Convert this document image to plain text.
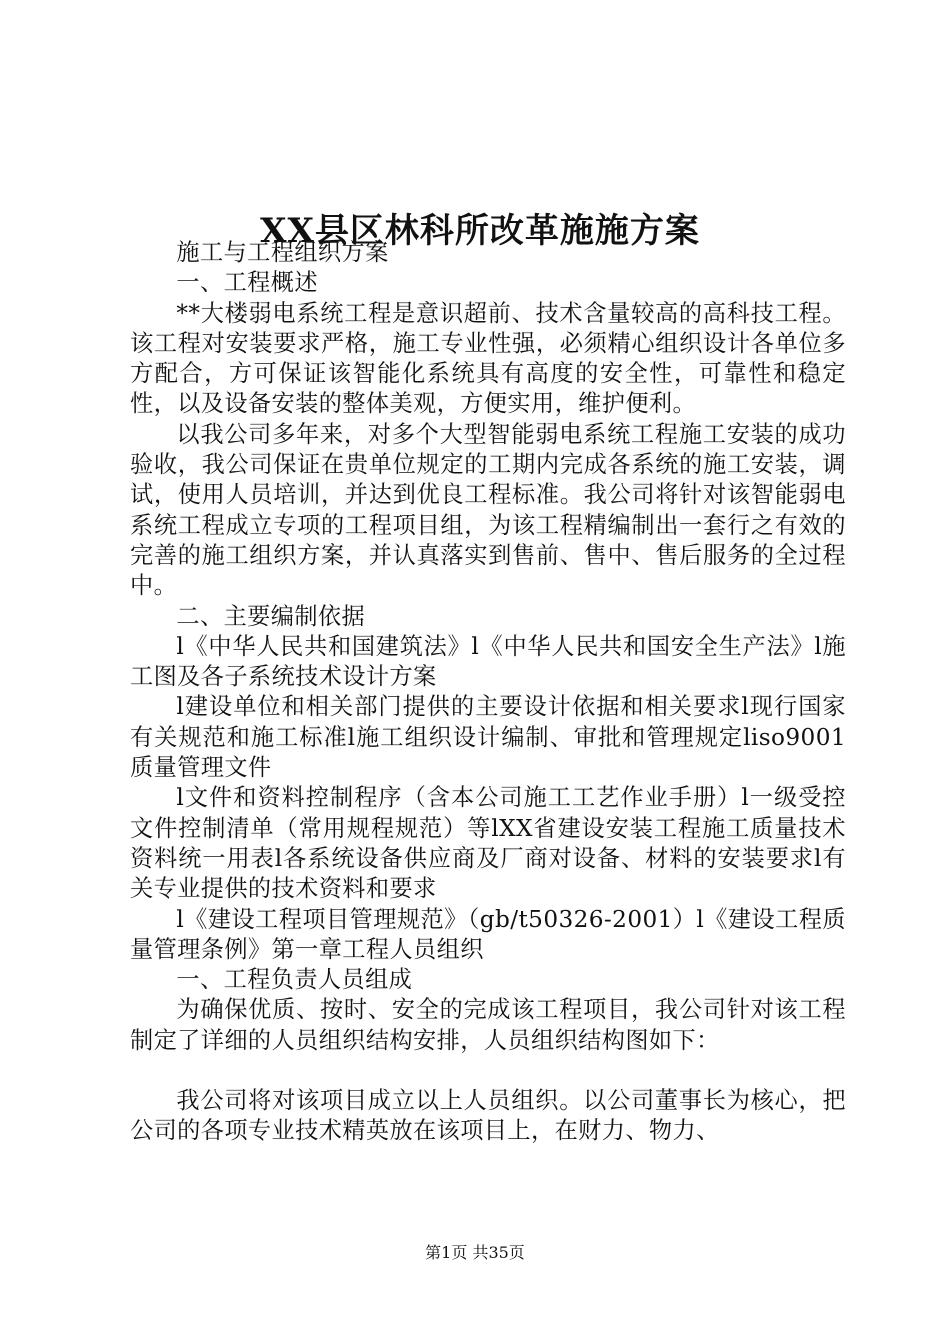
XX县区林科所改革施施方案

施工与工程组织方案

一、工程概述

**大楼弱电系统工程是意识超前、技术含量较高的高科技工程。该工程对安装要求严格，施工专业性强，必须精心组织设计各单位多方配合，方可保证该智能化系统具有高度的安全性，可靠性和稳定性，以及设备安装的整体美观，方便实用，维护便利。

以我公司多年来，对多个大型智能弱电系统工程施工安装的成功验收，我公司保证在贵单位规定的工期内完成各系统的施工安装，调试，使用人员培训，并达到优良工程标准。我公司将针对该智能弱电系统工程成立专项的工程项目组，为该工程精编制出一套行之有效的完善的施工组织方案，并认真落实到售前、售中、售后服务的全过程中。

二、主要编制依据

l《中华人民共和国建筑法》l《中华人民共和国安全生产法》l施工图及各子系统技术设计方案

l建设单位和相关部门提供的主要设计依据和相关要求l现行国家有关规范和施工标准l施工组织设计编制、审批和管理规定liso9001质量管理文件

l文件和资料控制程序（含本公司施工工艺作业手册）l一级受控文件控制清单（常用规程规范）等lXX省建设安装工程施工质量技术资料统一用表l各系统设备供应商及厂商对设备、材料的安装要求l有关专业提供的技术资料和要求

l《建设工程项目管理规范》（gb/t50326-2001）l《建设工程质量管理条例》第一章工程人员组织

一、工程负责人员组成

为确保优质、按时、安全的完成该工程项目，我公司针对该工程制定了详细的人员组织结构安排，人员组织结构图如下：

我公司将对该项目成立以上人员组织。以公司董事长为核心，把公司的各项专业技术精英放在该项目上，在财力、物力、

第1页 共35页
